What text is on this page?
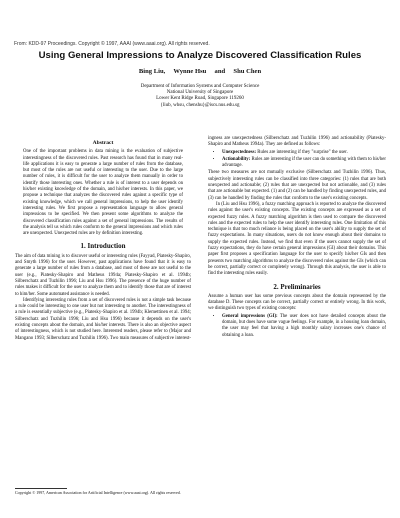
From: KDD-97 Proceedings. Copyright © 1997, AAAI (www.aaai.org). All rights reserved.
Using General Impressions to Analyze Discovered Classification Rules
Bing Liu,     Wynne Hsu     and     Shu Chen
Department of Information Systems and Computer Science
National University of Singapore
Lower Kent Ridge Road, Singapore 119260
{liub, whsu, chenshu}@iscs.nus.edu.sg
Abstract

One of the important problems in data mining is the evaluation of subjective interestingness of the discovered rules. Past research has found that in many real-life applications it is easy to generate a large number of rules from the database, but most of the rules are not useful or interesting to the user. Due to the large number of rules, it is difficult for the user to analyze them manually in order to identify those interesting ones. Whether a rule is of interest to a user depends on his/her existing knowledge of the domain, and his/her interests. In this paper, we propose a technique that analyzes the discovered rules against a specific type of existing knowledge, which we call general impressions, to help the user identify interesting rules. We first propose a representation language to allow general impressions to be specified. We then present some algorithms to analyze the discovered classification rules against a set of general impressions. The results of the analysis tell us which rules conform to the general impressions and which rules are unexpected. Unexpected rules are by definition interesting.

1. Introduction

The aim of data mining is to discover useful or interesting rules (Fayyad, Piatesky-Shapiro, and Smyth 1996) for the user. However, past applications have found that it is easy to generate a large number of rules from a database, and most of these are not useful to the user (e.g., Piatesky-Shapiro and Matheus 1994a; Piatesky-Shapiro et al. 1994b; Silberschatz and Tuzhilin 1996; Liu and Hsu 1996). The presence of the huge number of rules makes it difficult for the user to analyze them and to identify those that are of interest to him/her. Some automated assistance is needed.

Identifying interesting rules from a set of discovered rules is not a simple task because a rule could be interesting to one user but not interesting to another. The interestingness of a rule is essentially subjective (e.g., Piatesky-Shapiro et al. 1994b; Klemettinen et al. 1994; Silberschatz and Tuzhilin 1996; Liu and Hsu 1996) because it depends on the user's existing concepts about the domain, and his/her interests. There is also an objective aspect of interestingness, which is not studied here. Interested readers, please refer to (Major and Mangano 1993; Silberschatz and Tuzhilin 1996). Two main measures of subjective interest-

ingness are unexpectedness (Silberschatz and Tuzhilin 1996) and actionability (Piatesky-Shapiro and Matheus 1994a). They are defined as follows:

• Unexpectedness: Rules are interesting if they "surprise" the user.
• Actionability: Rules are interesting if the user can do something with them to his/her advantage.

These two measures are not mutually exclusive (Silberschatz and Tuzhilin 1996). Thus, subjectively interesting rules can be classified into three categories: (1) rules that are both unexpected and actionable; (2) rules that are unexpected but not actionable, and (3) rules that are actionable but expected. (1) and (2) can be handled by finding unexpected rules, and (3) can be handled by finding the rules that conform to the user's existing concepts.

In (Liu and Hsu 1996), a fuzzy matching approach is reported to analyze the discovered rules against the user's existing concepts. The existing concepts are expressed as a set of expected fuzzy rules. A fuzzy matching algorithm is then used to compare the discovered rules and the expected rules to help the user identify interesting rules. One limitation of this technique is that too much reliance is being placed on the user's ability to supply the set of fuzzy expectations. In many situations, users do not know enough about their domains to supply the expected rules. Instead, we find that even if the users cannot supply the set of fuzzy expectations, they do have certain general impressions (GI) about their domains. This paper first proposes a specification language for the user to specify his/her GIs and then presents two matching algorithms to analyze the discovered rules against the GIs (which can be correct, partially correct or completely wrong). Through this analysis, the user is able to find the interesting rules easily.

2. Preliminaries

Assume a human user has some previous concepts about the domain represented by the database D. These concepts can be correct, partially correct or entirely wrong. In this work, we distinguish two types of existing concepts:

• General impressions (GI): The user does not have detailed concepts about the domain, but does have some vague feelings. For example, in a housing loan domain, the user may feel that having a high monthly salary increases one's chance of obtaining a loan.
Copyright © 1997, American Association for Artificial Intelligence (www.aaai.org). All rights reserved.
